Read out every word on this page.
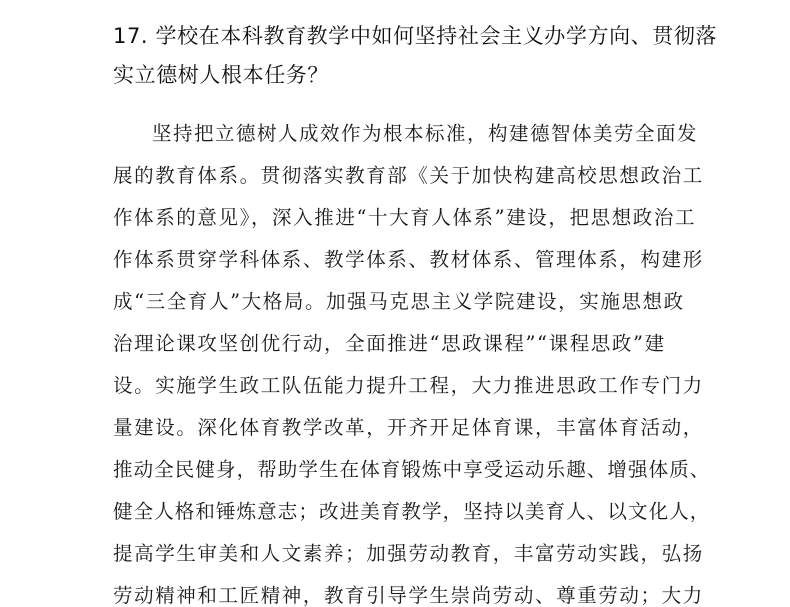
17. 学校在本科教育教学中如何坚持社会主义办学方向、贯彻落
实立德树人根本任务？
坚持把立德树人成效作为根本标准，构建德智体美劳全面发
展的教育体系。贯彻落实教育部《关于加快构建高校思想政治工
作体系的意见》，深入推进“十大育人体系”建设，把思想政治工
作体系贯穿学科体系、教学体系、教材体系、管理体系，构建形
成“三全育人”大格局。加强马克思主义学院建设，实施思想政
治理论课攻坚创优行动，全面推进“思政课程”“课程思政”建
设。实施学生政工队伍能力提升工程，大力推进思政工作专门力
量建设。深化体育教学改革，开齐开足体育课，丰富体育活动，
推动全民健身，帮助学生在体育锻炼中享受运动乐趣、增强体质、
健全人格和锤炼意志；改进美育教学，坚持以美育人、以文化人，
提高学生审美和人文素养；加强劳动教育，丰富劳动实践，弘扬
劳动精神和工匠精神，教育引导学生崇尚劳动、尊重劳动；大力
